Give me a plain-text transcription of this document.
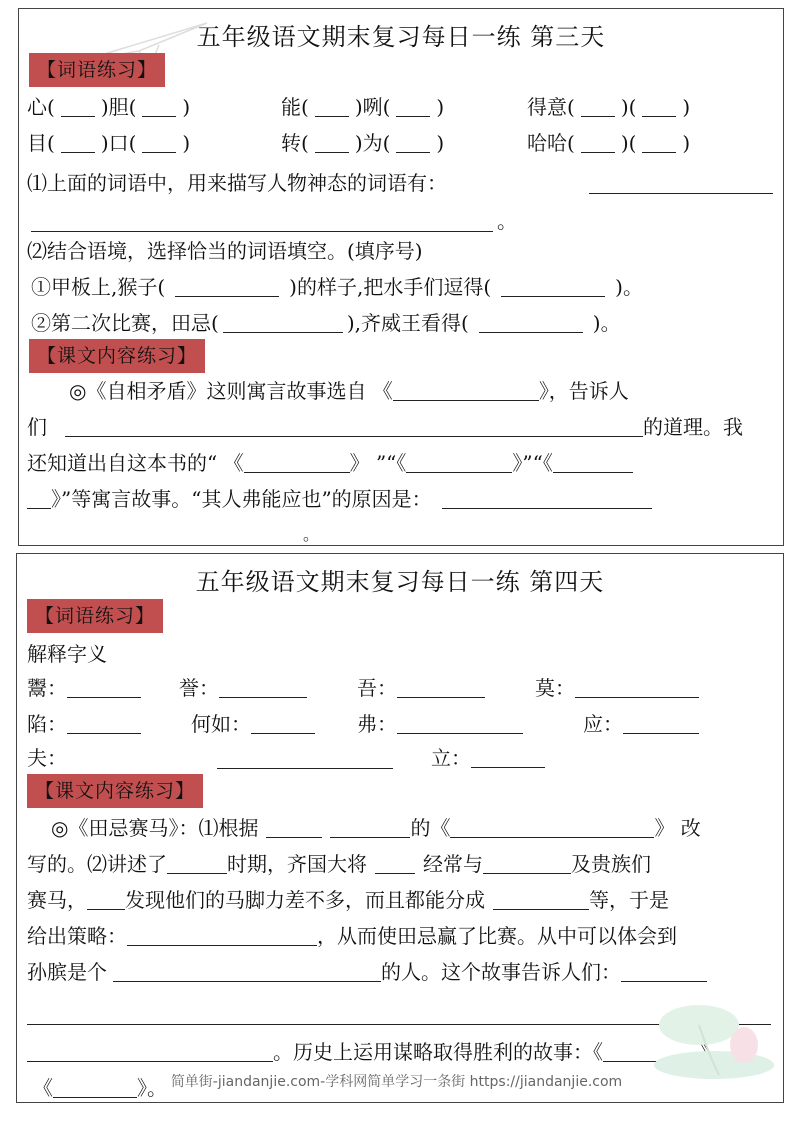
五年级语文期末复习每日一练 第三天
【词语练习】
心( )胆( )	能( )咧( )	得意( )( )
目( )口( )	转( )为( )	哈哈( )( )
⑴上面的词语中，用来描写人物神态的词语有：
。
⑵结合语境，选择恰当的词语填空。(填序号)
①甲板上,猴子(	)的样子,把水手们逗得(	)。
②第二次比赛，田忌(	),齐威王看得(	)。
【课文内容练习】
◎《自相矛盾》这则寓言故事选自 《	》，告诉人
们	的道理。我
还知道出自这本书的“ 《	》 ”“《	》”“《
》”等寓言故事。“其人弗能应也”的原因是：
。
五年级语文期末复习每日一练 第四天
【词语练习】
解释字义
鬻：	誉：	吾：	莫：
陷：	何如：	弗：	应：
夫：	立：
【课文内容练习】
◎《田忌赛马》：⑴根据	的《	》 改
写的。⑵讲述了	时期，齐国大将	经常与	及贵族们
赛马， 发现他们的马脚力差不多，而且都能分成	等，于是
给出策略：	，从而使田忌赢了比赛。从中可以体会到
孙膑是个	的人。这个故事告诉人们：
。历史上运用谋略取得胜利的故事：《
《	》。 简单街-jiandanjie.com-学科网简单学习一条街 https://jiandanjie.com
